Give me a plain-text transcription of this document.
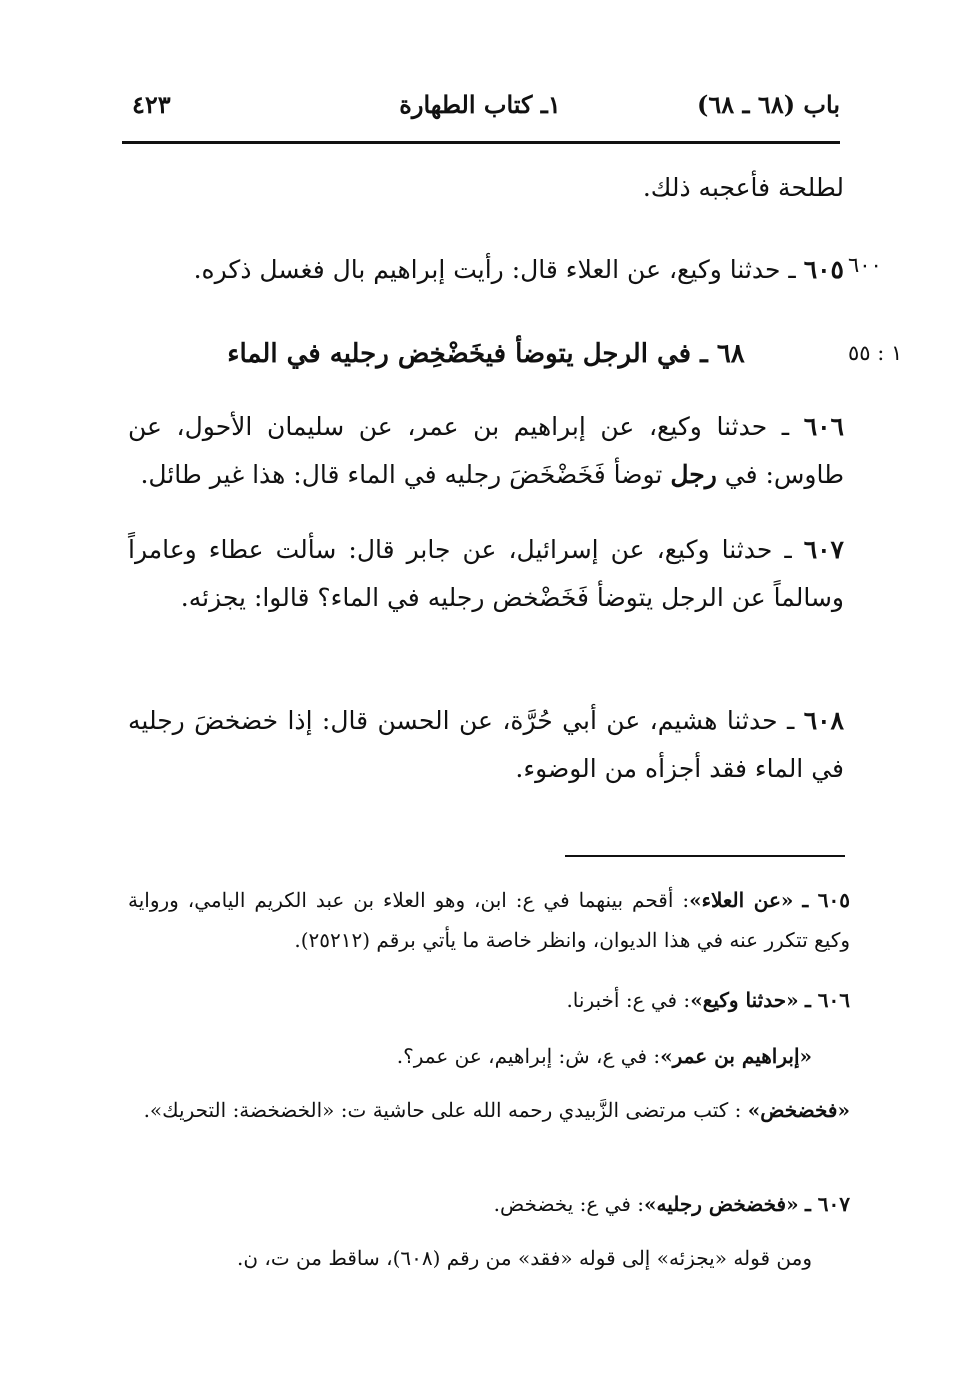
٤٢٣	١ـ كتاب الطهارة	باب (٦٨ ـ ٦٨)
لطلحة فأعجبه ذلك.
٦٠٠
٦٠٥ ـ حدثنا وكيع، عن العلاء قال: رأيت إبراهيم بال فغسل ذكره.
١ : ٥٥
٦٨ ـ في الرجل يتوضأ فيخَضْخِض رجليه في الماء
٦٠٦ ـ حدثنا وكيع، عن إبراهيم بن عمر، عن سليمان الأحول، عن طاوس: في رجل توضأ فَخَضْخَضَ رجليه في الماء قال: هذا غير طائل.
٦٠٧ ـ حدثنا وكيع، عن إسرائيل، عن جابر قال: سألت عطاء وعامراً وسالماً عن الرجل يتوضأ فَخَضْخض رجليه في الماء؟ قالوا: يجزئه.
٦٠٨ ـ حدثنا هشيم، عن أبي حُرَّة، عن الحسن قال: إذا خضخضَ رجليه في الماء فقد أجزأه من الوضوء.
٦٠٥ ـ «عن العلاء»: أقحم بينهما في ع: ابن، وهو العلاء بن عبد الكريم اليامي، ورواية وكيع تتكرر عنه في هذا الديوان، وانظر خاصة ما يأتي برقم (٢٥٢١٢).
٦٠٦ ـ «حدثنا وكيع»: في ع: أخبرنا.
«إبراهيم بن عمر»: في ع، ش: إبراهيم، عن عمر؟.
«فخضخض» : كتب مرتضى الزَّبيدي رحمه الله على حاشية ت: «الخضخضة: التحريك».
٦٠٧ ـ «فخضخض رجليه»: في ع: يخضخض.
ومن قوله «يجزئه» إلى قوله «فقد» من رقم (٦٠٨)، ساقط من ت، ن.
